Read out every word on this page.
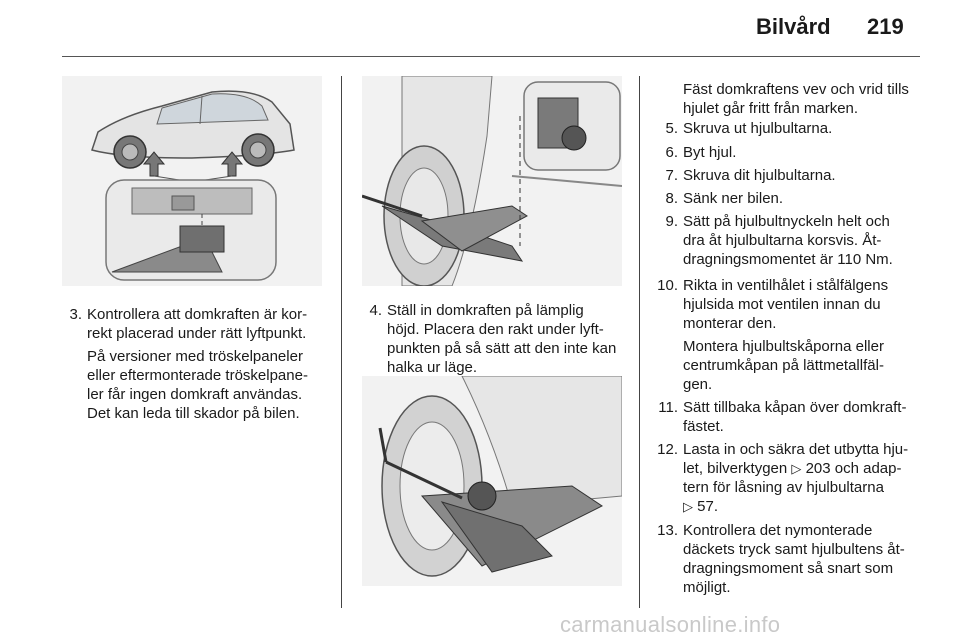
Bilvård 219
3. Kontrollera att domkraften är kor-
rekt placerad under rätt lyftpunkt.
På versioner med tröskelpaneler
eller eftermonterade tröskelpane-
ler får ingen domkraft användas.
Det kan leda till skador på bilen.
4. Ställ in domkraften på lämplig
höjd. Placera den rakt under lyft-
punkten på så sätt att den inte kan
halka ur läge.
Fäst domkraftens vev och vrid tills
hjulet går fritt från marken.
5. Skruva ut hjulbultarna.
6. Byt hjul.
7. Skruva dit hjulbultarna.
8. Sänk ner bilen.
9. Sätt på hjulbultnyckeln helt och
dra åt hjulbultarna korsvis. Åt-
dragningsmomentet är 110 Nm.
10. Rikta in ventilhålet i stålfälgens
hjulsida mot ventilen innan du
monterar den.
Montera hjulbultskåporna eller
centrumkåpan på lättmetallfäl-
gen.
11. Sätt tillbaka kåpan över domkraft-
fästet.
12. Lasta in och säkra det utbytta hju-
let, bilverktygen ▷ 203 och adap-
tern för låsning av hjulbultarna
▷ 57.
13. Kontrollera det nymonterade
däckets tryck samt hjulbultens åt-
dragningsmoment så snart som
möjligt.
carmanualsonline.info
